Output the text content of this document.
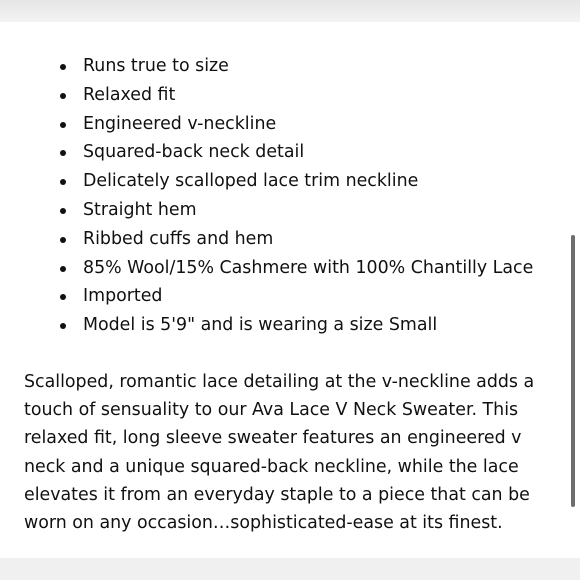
Runs true to size
Relaxed fit
Engineered v-neckline
Squared-back neck detail
Delicately scalloped lace trim neckline
Straight hem
Ribbed cuffs and hem
85% Wool/15% Cashmere with 100% Chantilly Lace
Imported
Model is 5'9" and is wearing a size Small

Scalloped, romantic lace detailing at the v-neckline adds a
touch of sensuality to our Ava Lace V Neck Sweater. This
relaxed fit, long sleeve sweater features an engineered v
neck and a unique squared-back neckline, while the lace
elevates it from an everyday staple to a piece that can be
worn on any occasion…sophisticated-ease at its finest.
